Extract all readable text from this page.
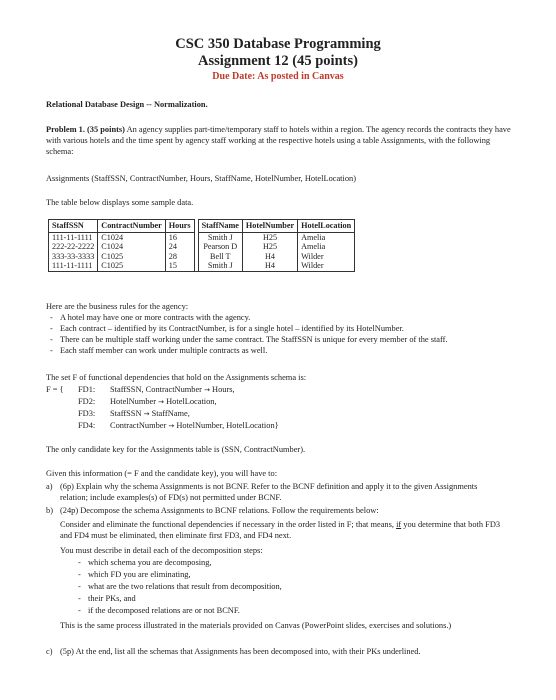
CSC 350 Database Programming
Assignment 12 (45 points)
Due Date: As posted in Canvas
Relational Database Design -- Normalization.
Problem 1. (35 points) An agency supplies part-time/temporary staff to hotels within a region. The agency records the contracts they have with various hotels and the time spent by agency staff working at the respective hotels using a table Assignments, with the following schema:
Assignments (StaffSSN, ContractNumber, Hours, StaffName, HotelNumber, HotelLocation)
The table below displays some sample data.
StaffSSN	ContractNumber	Hours		StaffName	HotelNumber	HotelLocation
111-11-1111	C1024	16		Smith J	H25	Amelia
222-22-2222	C1024	24		Pearson D	H25	Amelia
333-33-3333	C1025	28		Bell T	H4	Wilder
111-11-1111	C1025	15		Smith J	H4	Wilder
Here are the business rules for the agency:
- A hotel may have one or more contracts with the agency.
- Each contract – identified by its ContractNumber, is for a single hotel – identified by its HotelNumber.
- There can be multiple staff working under the same contract. The StaffSSN is unique for every member of the staff.
- Each staff member can work under multiple contracts as well.
The set F of functional dependencies that hold on the Assignments schema is:
F = { FD1: StaffSSN, ContractNumber → Hours,
FD2: HotelNumber → HotelLocation,
FD3: StaffSSN → StaffName,
FD4: ContractNumber → HotelNumber, HotelLocation}
The only candidate key for the Assignments table is (SSN, ContractNumber).
Given this information (= F and the candidate key), you will have to:
a) (6p) Explain why the schema Assignments is not BCNF. Refer to the BCNF definition and apply it to the given Assignments relation; include examples(s) of FD(s) not permitted under BCNF.
b) (24p) Decompose the schema Assignments to BCNF relations. Follow the requirements below:
Consider and eliminate the functional dependencies if necessary in the order listed in F; that means, if you determine that both FD3 and FD4 must be eliminated, then eliminate first FD3, and FD4 next.
You must describe in detail each of the decomposition steps:
- which schema you are decomposing,
- which FD you are eliminating,
- what are the two relations that result from decomposition,
- their PKs, and
- if the decomposed relations are or not BCNF.
This is the same process illustrated in the materials provided on Canvas (PowerPoint slides, exercises and solutions.)
c) (5p) At the end, list all the schemas that Assignments has been decomposed into, with their PKs underlined.
